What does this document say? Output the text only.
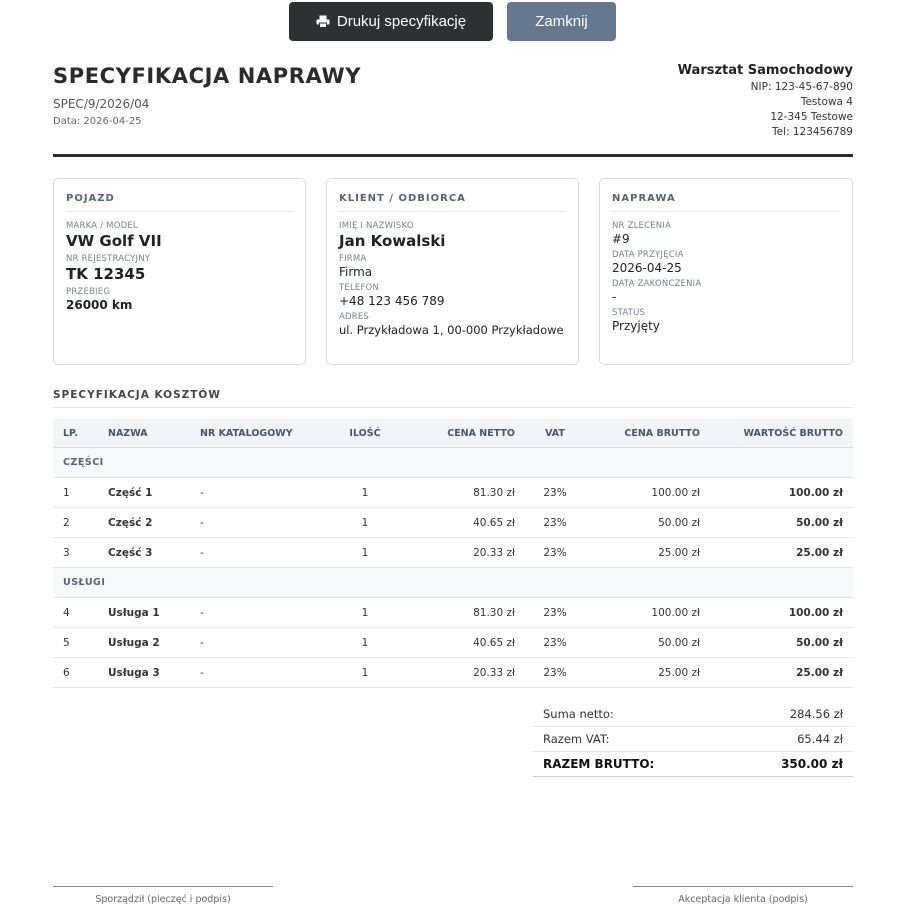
Drukuj specyfikację	Zamknij
SPECYFIKACJA NAPRAWY
SPEC/9/2026/04
Data: 2026-04-25
Warsztat Samochodowy
NIP: 123-45-67-890
Testowa 4
12-345 Testowe
Tel: 123456789
POJAZD
MARKA / MODEL
VW Golf VII
NR REJESTRACYJNY
TK 12345
PRZEBIEG
26000 km
KLIENT / ODBIORCA
IMIĘ I NAZWISKO
Jan Kowalski
FIRMA
Firma
TELEFON
+48 123 456 789
ADRES
ul. Przykładowa 1, 00-000 Przykładowe
NAPRAWA
NR ZLECENIA
#9
DATA PRZYJĘCIA
2026-04-25
DATA ZAKOŃCZENIA
-
STATUS
Przyjęty
SPECYFIKACJA KOSZTÓW
LP.	NAZWA	NR KATALOGOWY	ILOŚĆ	CENA NETTO	VAT	CENA BRUTTO	WARTOŚĆ BRUTTO
CZĘŚCI							
1	Część 1	-	1	81.30 zł	23%	100.00 zł	100.00 zł
2	Część 2	-	1	40.65 zł	23%	50.00 zł	50.00 zł
3	Część 3	-	1	20.33 zł	23%	25.00 zł	25.00 zł
USŁUGI							
4	Usługa 1	-	1	81.30 zł	23%	100.00 zł	100.00 zł
5	Usługa 2	-	1	40.65 zł	23%	50.00 zł	50.00 zł
6	Usługa 3	-	1	20.33 zł	23%	25.00 zł	25.00 zł
Suma netto:	284.56 zł
Razem VAT:	65.44 zł
RAZEM BRUTTO:	350.00 zł
Sporządził (pieczęć i podpis)	Akceptacja klienta (podpis)
